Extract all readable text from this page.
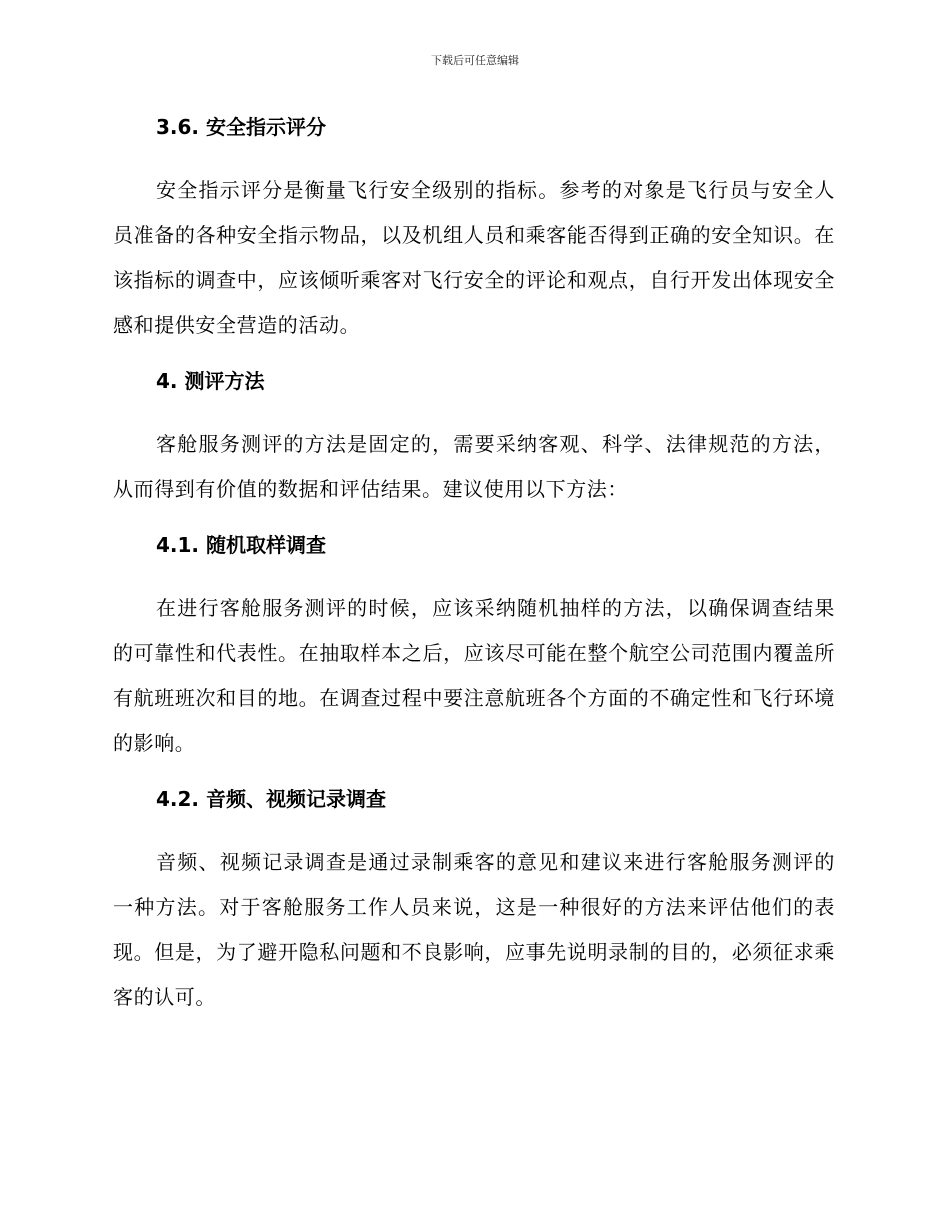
下载后可任意编辑
3.6. 安全指示评分

安全指示评分是衡量飞行安全级别的指标。参考的对象是飞行员与安全人员准备的各种安全指示物品，以及机组人员和乘客能否得到正确的安全知识。在该指标的调查中，应该倾听乘客对飞行安全的评论和观点，自行开发出体现安全感和提供安全营造的活动。

4. 测评方法

客舱服务测评的方法是固定的，需要采纳客观、科学、法律规范的方法，从而得到有价值的数据和评估结果。建议使用以下方法：

4.1. 随机取样调查

在进行客舱服务测评的时候，应该采纳随机抽样的方法，以确保调查结果的可靠性和代表性。在抽取样本之后，应该尽可能在整个航空公司范围内覆盖所有航班班次和目的地。在调查过程中要注意航班各个方面的不确定性和飞行环境的影响。

4.2. 音频、视频记录调查

音频、视频记录调查是通过录制乘客的意见和建议来进行客舱服务测评的一种方法。对于客舱服务工作人员来说，这是一种很好的方法来评估他们的表现。但是，为了避开隐私问题和不良影响，应事先说明录制的目的，必须征求乘客的认可。
